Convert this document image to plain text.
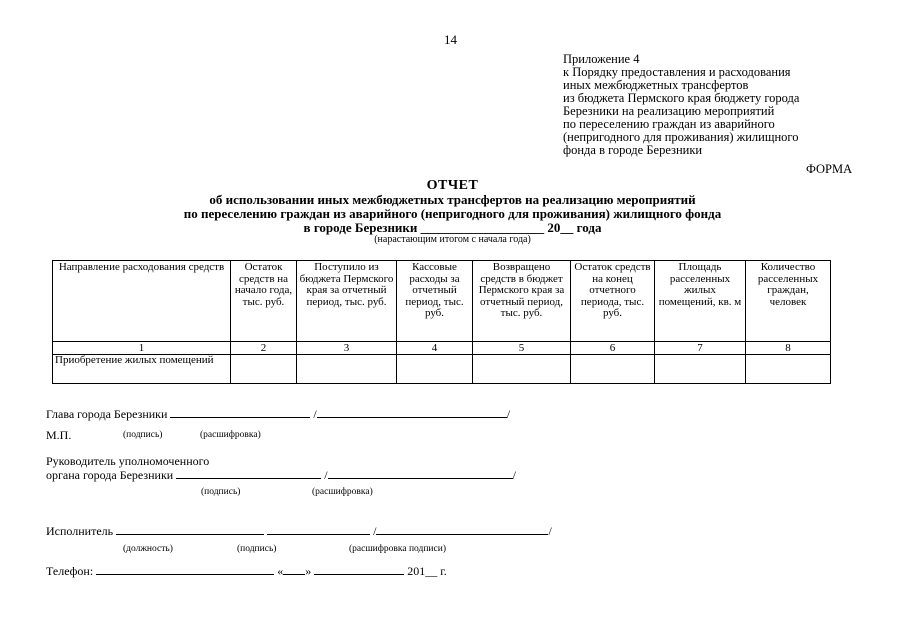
14
Приложение 4
к Порядку предоставления и расходования
иных межбюджетных трансфертов
из бюджета Пермского края бюджету города
Березники на реализацию мероприятий
по переселению граждан из аварийного
(непригодного для проживания) жилищного
фонда в городе Березники
ФОРМА
ОТЧЕТ
об использовании иных межбюджетных трансфертов на реализацию мероприятий
по переселению граждан из аварийного (непригодного для проживания) жилищного фонда
в городе Березники ___________________ 20__ года
(нарастающим итогом с начала года)
Направление расходования средств	Остаток средств на начало года, тыс. руб.	Поступило из бюджета Пермского края за отчетный период, тыс. руб.	Кассовые расходы за отчетный период, тыс. руб.	Возвращено средств в бюджет Пермского края за отчетный период, тыс. руб.	Остаток средств на конец отчетного периода, тыс. руб.	Площадь расселенных жилых помещений, кв. м	Количество расселенных граждан, человек
1	2	3	4	5	6	7	8
Приобретение жилых помещений							
Глава города Березники	/	/
М.П.	(подпись)	(расшифровка)
Руководитель уполномоченного
органа города Березники	/	/
(подпись)	(расшифровка)
Исполнитель	/	/
(должность)	(подпись)	(расшифровка подписи)
Телефон:	« »	201__ г.
